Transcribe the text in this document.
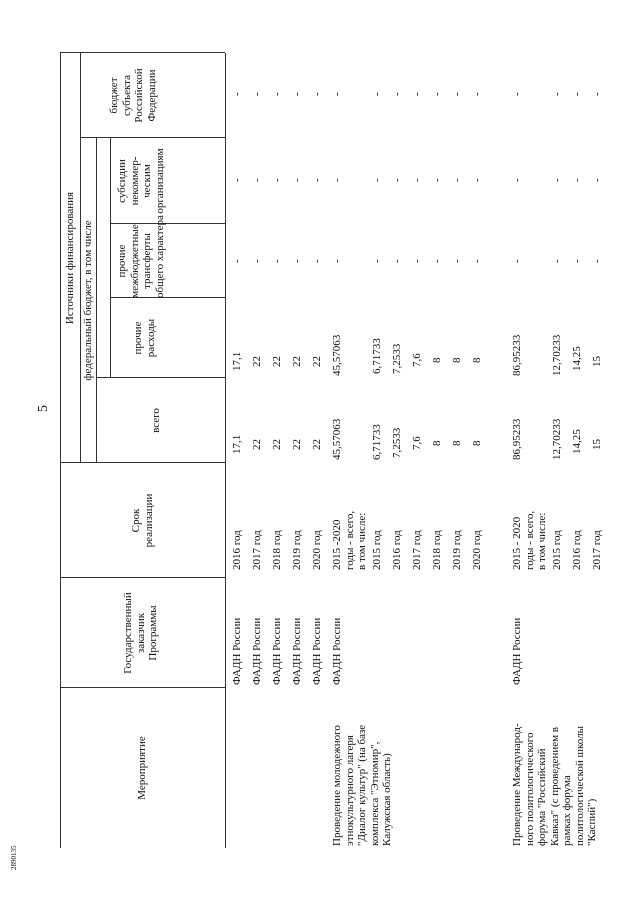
5
2890135
Мероприятие
Государственный заказчик Программы
Срок реализации
Источники финансирования федеральный бюджет, в том числе
всего
прочие расходы
прочие межбюджетные трансферты общего характера
субсидии некоммер- ческим организациям
бюджет субъекта Российской Федерации
ФАДН России
2016 год
17,1
17,1
-
-
-
ФАДН России
2017 год
22
22
-
-
-
ФАДН России
2018 год
22
22
-
-
-
ФАДН России
2019 год
22
22
-
-
-
ФАДН России
2020 год
22
22
-
-
-
Проведение молодежного этнокультурного лагеря "Диалог культур" (на базе комплекса "Этномир", Калужская область)
ФАДН России
2015 -2020 годы - всего, в том числе:
45,57063
45,57063
-
-
-
2015 год
6,71733
6,71733
-
-
-
2016 год
7,2533
7,2533
-
-
-
2017 год
7,6
7,6
-
-
-
2018 год
8
8
-
-
-
2019 год
8
8
-
-
-
2020 год
8
8
-
-
-
Проведение Международ- ного политологического форума "Российский Кавказ" (с проведением в рамках форума политологической школы "Каспий")
ФАДН России
2015 - 2020 годы - всего, в том числе:
86,95233
86,95233
-
-
-
2015 год
12,70233
12,70233
-
-
-
2016 год
14,25
14,25
-
-
-
2017 год
15
15
-
-
-
